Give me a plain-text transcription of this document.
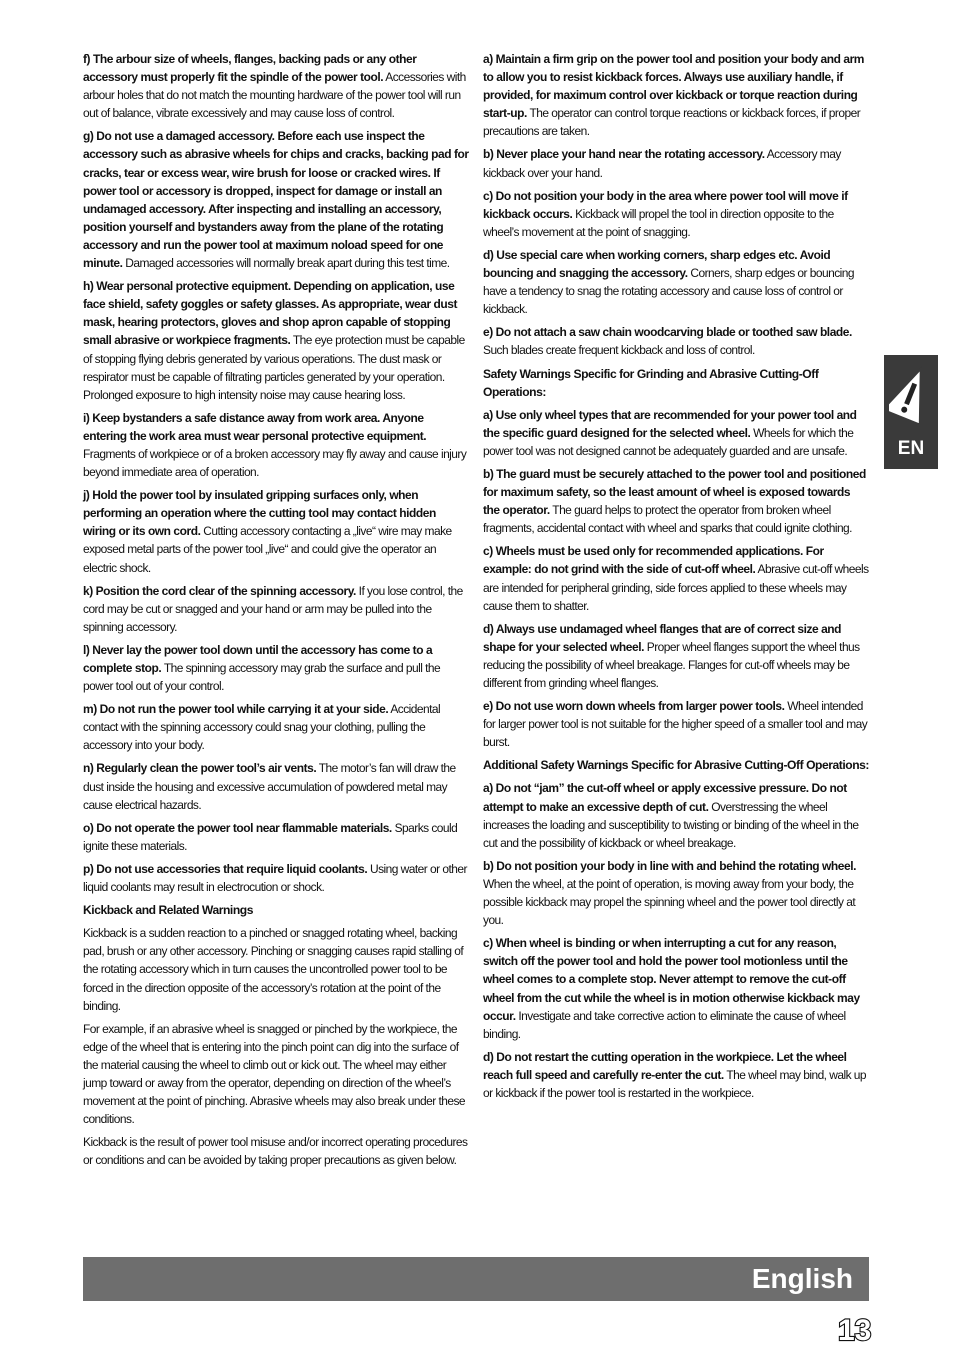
f) The arbour size of wheels, flanges, backing pads or any other accessory must properly fit the spindle of the power tool. Accessories with arbour holes that do not match the mounting hardware of the power tool will run out of balance, vibrate excessively and may cause loss of control.

g) Do not use a damaged accessory. Before each use inspect the accessory such as abrasive wheels for chips and cracks, backing pad for cracks, tear or excess wear, wire brush for loose or cracked wires. If power tool or accessory is dropped, inspect for damage or install an undamaged accessory. After inspecting and installing an accessory, position yourself and bystanders away from the plane of the rotating accessory and run the power tool at maximum noload speed for one minute. Damaged accessories will normally break apart during this test time.

h) Wear personal protective equipment. Depending on application, use face shield, safety goggles or safety glasses. As appropriate, wear dust mask, hearing protectors, gloves and shop apron capable of stopping small abrasive or workpiece fragments. The eye protection must be capable of stopping flying debris generated by various operations. The dust mask or respirator must be capable of filtrating particles generated by your operation. Prolonged exposure to high intensity noise may cause hearing loss.

i) Keep bystanders a safe distance away from work area. Anyone entering the work area must wear personal protective equipment. Fragments of workpiece or of a broken accessory may fly away and cause injury beyond immediate area of operation.

j) Hold the power tool by insulated gripping surfaces only, when performing an operation where the cutting tool may contact hidden wiring or its own cord. Cutting accessory contacting a „live“ wire may make exposed metal parts of the power tool „live“ and could give the operator an electric shock.

k) Position the cord clear of the spinning accessory. If you lose control, the cord may be cut or snagged and your hand or arm may be pulled into the spinning accessory.

l) Never lay the power tool down until the accessory has come to a complete stop. The spinning accessory may grab the surface and pull the power tool out of your control.

m) Do not run the power tool while carrying it at your side. Accidental contact with the spinning accessory could snag your clothing, pulling the accessory into your body.

n) Regularly clean the power tool’s air vents. The motor’s fan will draw the dust inside the housing and excessive accumulation of powdered metal may cause electrical hazards.

o) Do not operate the power tool near flammable materials. Sparks could ignite these materials.

p) Do not use accessories that require liquid coolants. Using water or other liquid coolants may result in electrocution or shock.

Kickback and Related Warnings

Kickback is a sudden reaction to a pinched or snagged rotating wheel, backing pad, brush or any other accessory. Pinching or snagging causes rapid stalling of the rotating accessory which in turn causes the uncontrolled power tool to be forced in the direction opposite of the accessory’s rotation at the point of the binding.

For example, if an abrasive wheel is snagged or pinched by the workpiece, the edge of the wheel that is entering into the pinch point can dig into the surface of the material causing the wheel to climb out or kick out. The wheel may either jump toward or away from the operator, depending on direction of the wheel’s movement at the point of pinching. Abrasive wheels may also break under these conditions.

Kickback is the result of power tool misuse and/or incorrect operating procedures or conditions and can be avoided by taking proper precautions as given below.

a) Maintain a firm grip on the power tool and position your body and arm to allow you to resist kickback forces. Always use auxiliary handle, if provided, for maximum control over kickback or torque reaction during start-up. The operator can control torque reactions or kickback forces, if proper precautions are taken.

b) Never place your hand near the rotating accessory. Accessory may kickback over your hand.

c) Do not position your body in the area where power tool will move if kickback occurs. Kickback will propel the tool in direction opposite to the wheel’s movement at the point of snagging.

d) Use special care when working corners, sharp edges etc. Avoid bouncing and snagging the accessory. Corners, sharp edges or bouncing have a tendency to snag the rotating accessory and cause loss of control or kickback.

e) Do not attach a saw chain woodcarving blade or toothed saw blade. Such blades create frequent kickback and loss of control.

Safety Warnings Specific for Grinding and Abrasive Cutting-Off Operations:

a) Use only wheel types that are recommended for your power tool and the specific guard designed for the selected wheel. Wheels for which the power tool was not designed cannot be adequately guarded and are unsafe.

b) The guard must be securely attached to the power tool and positioned for maximum safety, so the least amount of wheel is exposed towards the operator. The guard helps to protect the operator from broken wheel fragments, accidental contact with wheel and sparks that could ignite clothing.

c) Wheels must be used only for recommended applications. For example: do not grind with the side of cut-off wheel. Abrasive cut-off wheels are intended for peripheral grinding, side forces applied to these wheels may cause them to shatter.

d) Always use undamaged wheel flanges that are of correct size and shape for your selected wheel. Proper wheel flanges support the wheel thus reducing the possibility of wheel breakage. Flanges for cut-off wheels may be different from grinding wheel flanges.

e) Do not use worn down wheels from larger power tools. Wheel intended for larger power tool is not suitable for the higher speed of a smaller tool and may burst.

Additional Safety Warnings Specific for Abrasive Cutting-Off Operations:

a) Do not “jam” the cut-off wheel or apply excessive pressure. Do not attempt to make an excessive depth of cut. Overstressing the wheel increases the loading and susceptibility to twisting or binding of the wheel in the cut and the possibility of kickback or wheel breakage.

b) Do not position your body in line with and behind the rotating wheel. When the wheel, at the point of operation, is moving away from your body, the possible kickback may propel the spinning wheel and the power tool directly at you.

c) When wheel is binding or when interrupting a cut for any reason, switch off the power tool and hold the power tool motionless until the wheel comes to a complete stop. Never attempt to remove the cut-off wheel from the cut while the wheel is in motion otherwise kickback may occur. Investigate and take corrective action to eliminate the cause of wheel binding.

d) Do not restart the cutting operation in the workpiece. Let the wheel reach full speed and carefully re-enter the cut. The wheel may bind, walk up or kickback if the power tool is restarted in the workpiece.

EN
English
13
